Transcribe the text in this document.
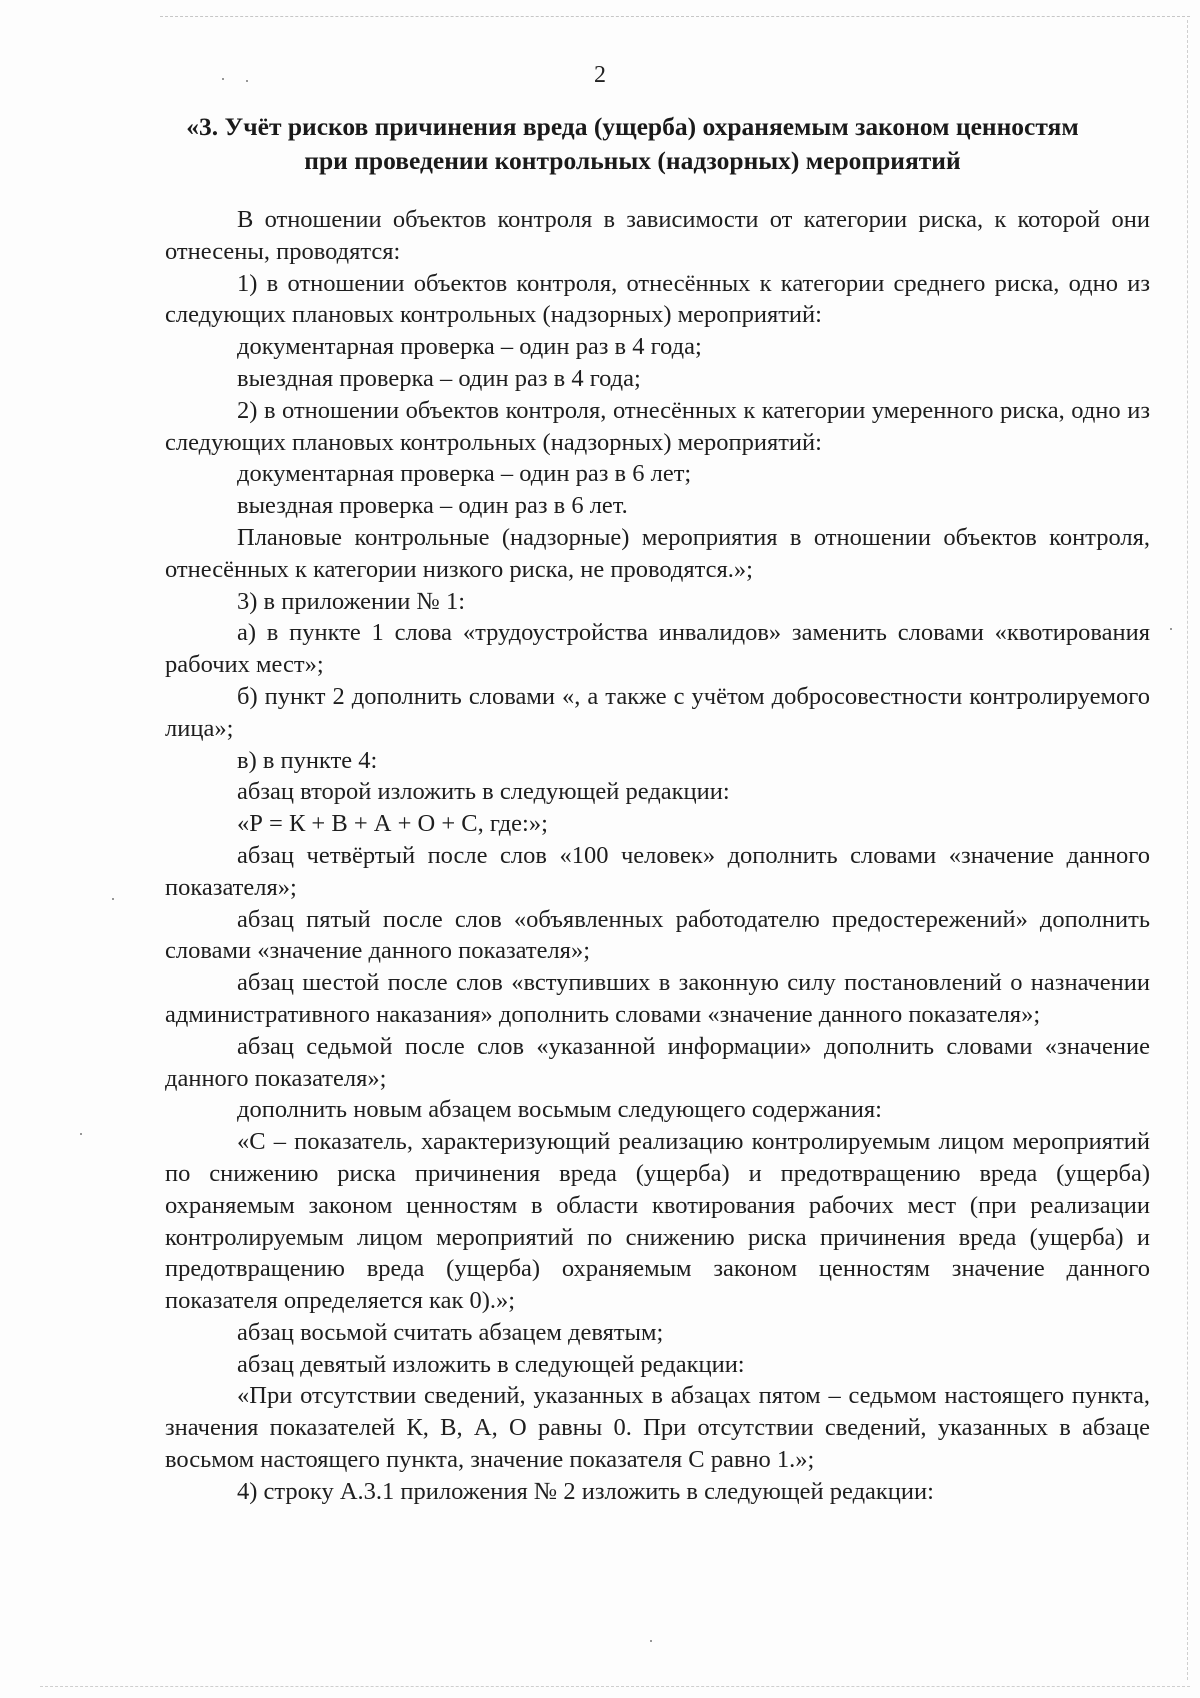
2
«3. Учёт рисков причинения вреда (ущерба) охраняемым законом ценностям при проведении контрольных (надзорных) мероприятий

В отношении объектов контроля в зависимости от категории риска, к которой они отнесены, проводятся:

1) в отношении объектов контроля, отнесённых к категории среднего риска, одно из следующих плановых контрольных (надзорных) мероприятий:

документарная проверка – один раз в 4 года;

выездная проверка – один раз в 4 года;

2) в отношении объектов контроля, отнесённых к категории умеренного риска, одно из следующих плановых контрольных (надзорных) мероприятий:

документарная проверка – один раз в 6 лет;

выездная проверка – один раз в 6 лет.

Плановые контрольные (надзорные) мероприятия в отношении объектов контроля, отнесённых к категории низкого риска, не проводятся.»;

3) в приложении № 1:

а) в пункте 1 слова «трудоустройства инвалидов» заменить словами «квотирования рабочих мест»;

б) пункт 2 дополнить словами «, а также с учётом добросовестности контролируемого лица»;

в) в пункте 4:

абзац второй изложить в следующей редакции:

«Р = К + В + А + О + С, где:»;

абзац четвёртый после слов «100 человек» дополнить словами «значение данного показателя»;

абзац пятый после слов «объявленных работодателю предостережений» дополнить словами «значение данного показателя»;

абзац шестой после слов «вступивших в законную силу постановлений о назначении административного наказания» дополнить словами «значение данного показателя»;

абзац седьмой после слов «указанной информации» дополнить словами «значение данного показателя»;

дополнить новым абзацем восьмым следующего содержания:

«С – показатель, характеризующий реализацию контролируемым лицом мероприятий по снижению риска причинения вреда (ущерба) и предотвращению вреда (ущерба) охраняемым законом ценностям в области квотирования рабочих мест (при реализации контролируемым лицом мероприятий по снижению риска причинения вреда (ущерба) и предотвращению вреда (ущерба) охраняемым законом ценностям значение данного показателя определяется как 0).»;

абзац восьмой считать абзацем девятым;

абзац девятый изложить в следующей редакции:

«При отсутствии сведений, указанных в абзацах пятом – седьмом настоящего пункта, значения показателей К, В, А, О равны 0. При отсутствии сведений, указанных в абзаце восьмом настоящего пункта, значение показателя С равно 1.»;

4) строку А.3.1 приложения № 2 изложить в следующей редакции:
